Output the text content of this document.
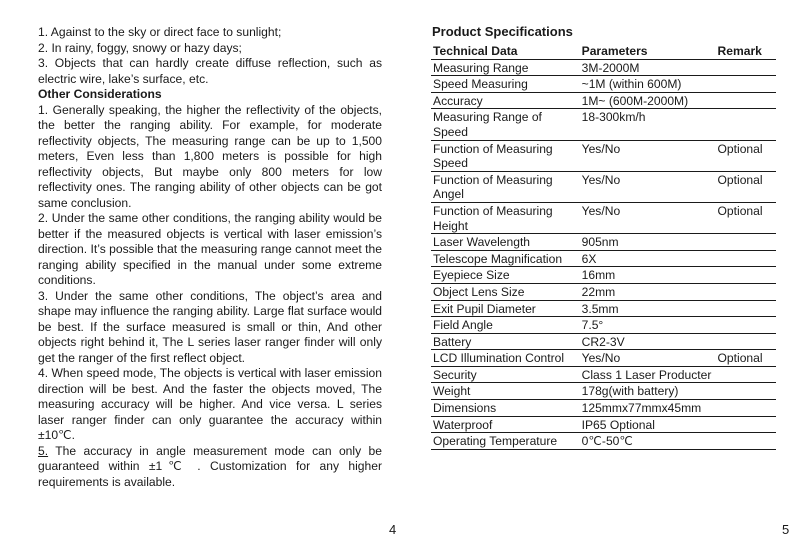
1. Against to the sky or direct face to sunlight;

2. In rainy, foggy, snowy or hazy days;

3. Objects that can hardly create diffuse reflection, such as electric wire, lake’s surface, etc.

Other Considerations

1. Generally speaking, the higher the reflectivity of the objects, the better the ranging ability. For example, for moderate reflectivity objects, The measuring range can be up to 1,500 meters, Even less than 1,800 meters is possible for high reflectivity objects, But maybe only 800 meters for low reflectivity ones. The ranging ability of other objects can be got same conclusion.

2. Under the same other conditions, the ranging ability would be better if the measured objects is vertical with laser emission’s direction. It’s possible that the measuring range cannot meet the ranging ability specified in the manual under some extreme conditions.

3. Under the same other conditions, The object’s area and shape may influence the ranging ability. Large flat surface would be best. If the surface measured is small or thin, And other objects right behind it, The L series laser ranger finder will only get the ranger of the first reflect object.

4. When speed mode, The objects is vertical with laser emission direction will be best. And the faster the objects moved, The measuring accuracy will be higher. And vice versa. L series laser ranger finder can only guarantee the accuracy within ±10℃.

5. The accuracy in angle measurement mode can only be guaranteed within ±1℃ . Customization for any higher requirements is available.

4
Product Specifications
Technical Data	Parameters	Remark

Measuring Range	3M-2000M	

Speed Measuring	~1M (within 600M)	

Accuracy	1M~ (600M-2000M)	

Measuring Range of Speed	18-300km/h	

Function of Measuring Speed	Yes/No	Optional

Function of Measuring Angel	Yes/No	Optional

Function of Measuring Height	Yes/No	Optional

Laser Wavelength	905nm	

Telescope Magnification	6X	

Eyepiece Size	16mm	

Object Lens Size	22mm	

Exit Pupil Diameter	3.5mm	

Field Angle	7.5°	

Battery	CR2-3V	

LCD Illumination Control	Yes/No	Optional

Security	Class 1 Laser Producter	

Weight	178g(with battery)	

Dimensions	125mmx77mmx45mm	

Waterproof	IP65 Optional	

Operating Temperature	0℃-50℃	
5
